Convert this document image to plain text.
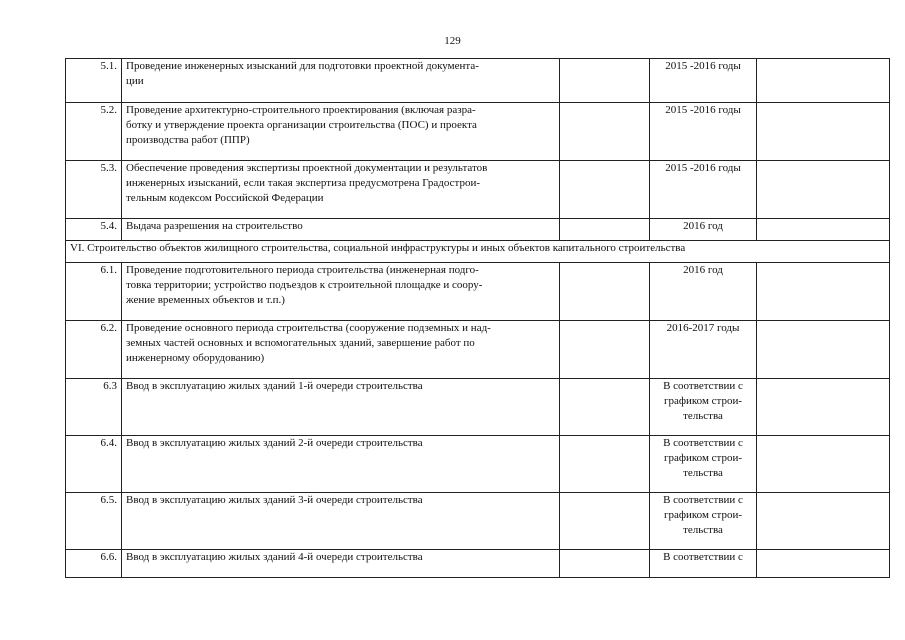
129
5.1.	Проведение инженерных изысканий для подготовки проектной документа-
ции		2015 -2016 годы	

5.2.	Проведение архитектурно-строительного проектирования (включая разра-
ботку и утверждение проекта организации строительства (ПОС) и проекта
производства работ (ППР)		2015 -2016 годы	

5.3.	Обеспечение проведения экспертизы проектной документации и результатов
инженерных изысканий, если такая экспертиза предусмотрена Градострои-
тельным кодексом Российской Федерации		2015 -2016 годы	

5.4.	Выдача разрешения на строительство		2016 год	

VI. Строительство объектов жилищного строительства, социальной инфраструктуры и иных объектов капитального строительства				

6.1.	Проведение подготовительного периода строительства (инженерная подго-
товка территории; устройство подъездов к строительной площадке и соору-
жение временных объектов и т.п.)		2016 год	

6.2.	Проведение основного периода строительства (сооружение подземных и над-
земных частей основных и вспомогательных зданий, завершение работ по
инженерному оборудованию)		2016-2017 годы	

6.3	Ввод в эксплуатацию жилых зданий 1-й очереди строительства		В соответствии с
графиком строи-
тельства	

6.4.	Ввод в эксплуатацию жилых зданий 2-й очереди строительства		В соответствии с
графиком строи-
тельства	

6.5.	Ввод в эксплуатацию жилых зданий 3-й очереди строительства		В соответствии с
графиком строи-
тельства	

6.6.	Ввод в эксплуатацию жилых зданий 4-й очереди строительства		В соответствии с	
